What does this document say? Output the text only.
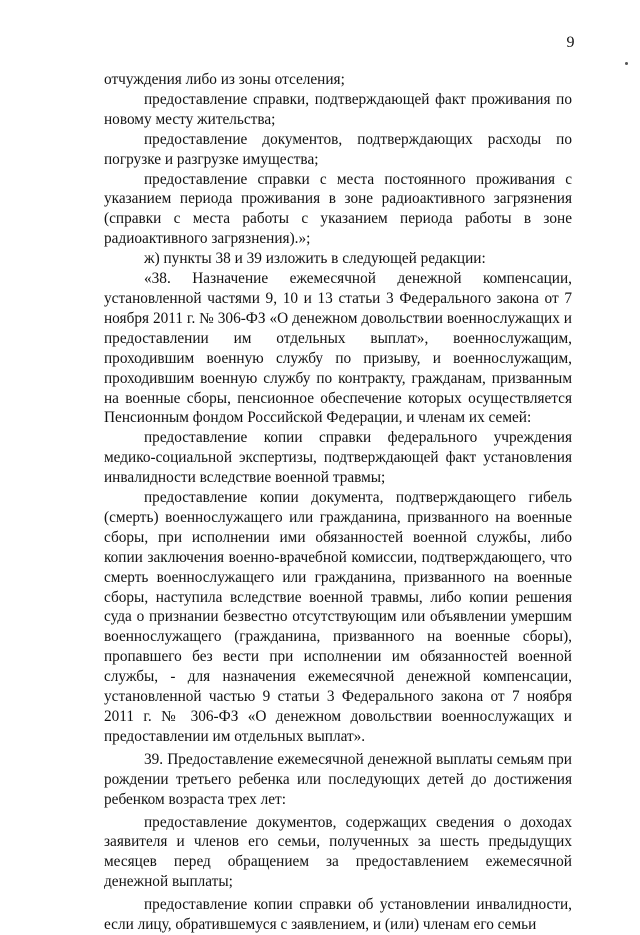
9

отчуждения либо из зоны отселения;

предоставление справки, подтверждающей факт проживания по новому месту жительства;

предоставление документов, подтверждающих расходы по погрузке и разгрузке имущества;

предоставление справки с места постоянного проживания с указанием периода проживания в зоне радиоактивного загрязнения (справки с места работы с указанием периода работы в зоне радиоактивного загрязнения).»;

ж) пункты 38 и 39 изложить в следующей редакции:

«38. Назначение ежемесячной денежной компенсации, установленной частями 9, 10 и 13 статьи 3 Федерального закона от 7 ноября 2011 г. № 306-ФЗ «О денежном довольствии военнослужащих и предоставлении им отдельных выплат», военнослужащим, проходившим военную службу по призыву, и военнослужащим, проходившим военную службу по контракту, гражданам, призванным на военные сборы, пенсионное обеспечение которых осуществляется Пенсионным фондом Российской Федерации, и членам их семей:

предоставление копии справки федерального учреждения медико-социальной экспертизы, подтверждающей факт установления инвалидности вследствие военной травмы;

предоставление копии документа, подтверждающего гибель (смерть) военнослужащего или гражданина, призванного на военные сборы, при исполнении ими обязанностей военной службы, либо копии заключения военно-врачебной комиссии, подтверждающего, что смерть военнослужащего или гражданина, призванного на военные сборы, наступила вследствие военной травмы, либо копии решения суда о признании безвестно отсутствующим или объявлении умершим военнослужащего (гражданина, призванного на военные сборы), пропавшего без вести при исполнении им обязанностей военной службы, - для назначения ежемесячной денежной компенсации, установленной частью 9 статьи 3 Федерального закона от 7 ноября 2011 г. № 306-ФЗ «О денежном довольствии военнослужащих и предоставлении им отдельных выплат».

39. Предоставление ежемесячной денежной выплаты семьям при рождении третьего ребенка или последующих детей до достижения ребенком возраста трех лет:

предоставление документов, содержащих сведения о доходах заявителя и членов его семьи, полученных за шесть предыдущих месяцев перед обращением за предоставлением ежемесячной денежной выплаты;

предоставление копии справки об установлении инвалидности, если лицу, обратившемуся с заявлением, и (или) членам его семьи
